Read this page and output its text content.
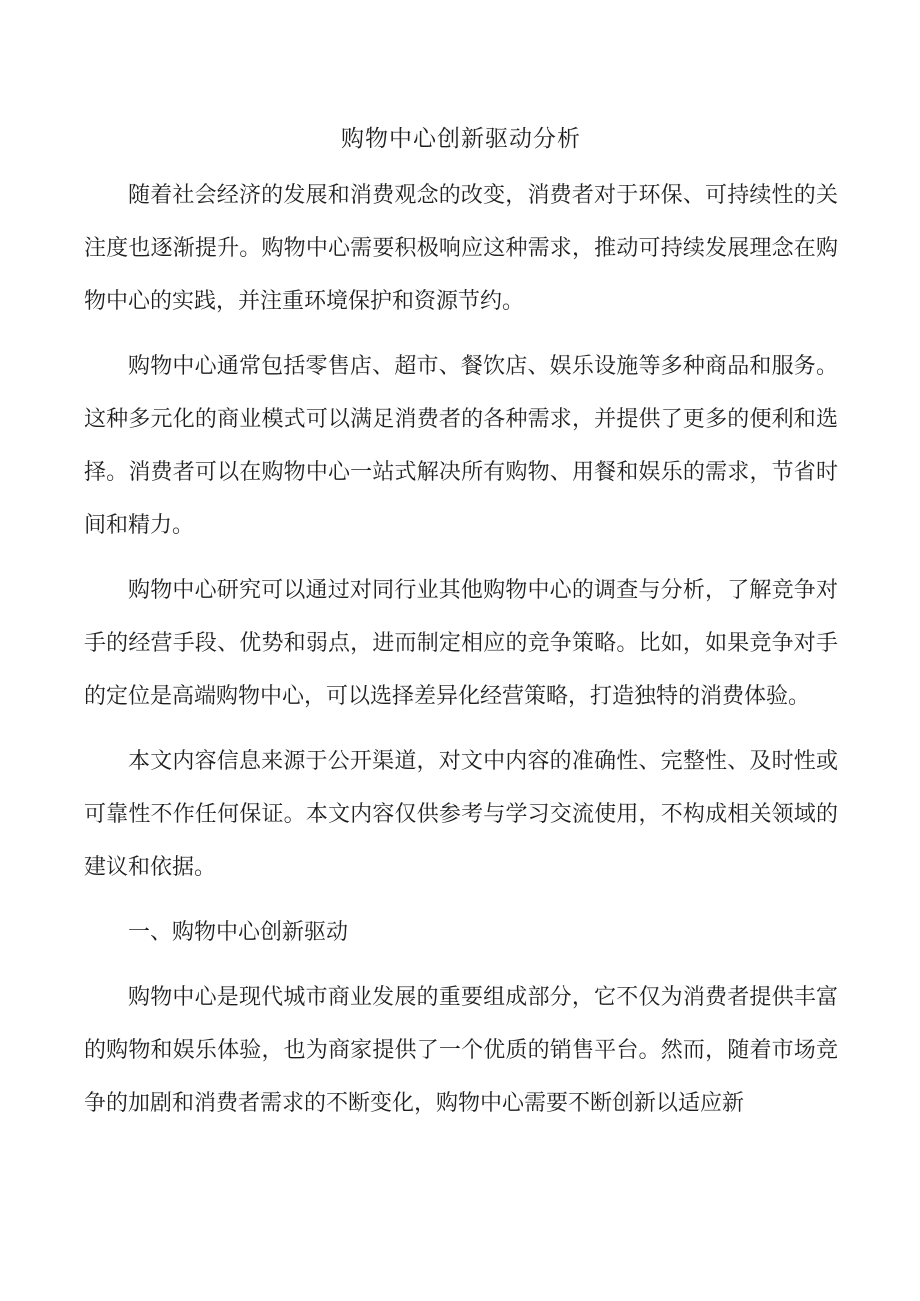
购物中心创新驱动分析

随着社会经济的发展和消费观念的改变，消费者对于环保、可持续性的关注度也逐渐提升。购物中心需要积极响应这种需求，推动可持续发展理念在购物中心的实践，并注重环境保护和资源节约。

购物中心通常包括零售店、超市、餐饮店、娱乐设施等多种商品和服务。这种多元化的商业模式可以满足消费者的各种需求，并提供了更多的便利和选择。消费者可以在购物中心一站式解决所有购物、用餐和娱乐的需求，节省时间和精力。

购物中心研究可以通过对同行业其他购物中心的调查与分析，了解竞争对手的经营手段、优势和弱点，进而制定相应的竞争策略。比如，如果竞争对手的定位是高端购物中心，可以选择差异化经营策略，打造独特的消费体验。

本文内容信息来源于公开渠道，对文中内容的准确性、完整性、及时性或可靠性不作任何保证。本文内容仅供参考与学习交流使用，不构成相关领域的建议和依据。

一、购物中心创新驱动

购物中心是现代城市商业发展的重要组成部分，它不仅为消费者提供丰富的购物和娱乐体验，也为商家提供了一个优质的销售平台。然而，随着市场竞争的加剧和消费者需求的不断变化，购物中心需要不断创新以适应新
